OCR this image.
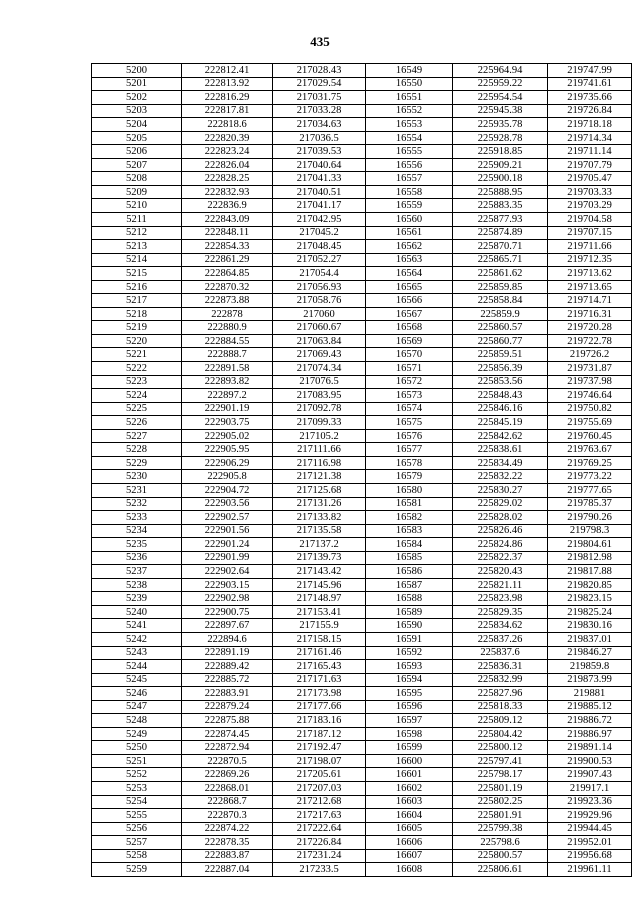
435
5200	222812.41	217028.43	16549	225964.94	219747.99
5201	222813.92	217029.54	16550	225959.22	219741.61
5202	222816.29	217031.75	16551	225954.54	219735.66
5203	222817.81	217033.28	16552	225945.38	219726.84
5204	222818.6	217034.63	16553	225935.78	219718.18
5205	222820.39	217036.5	16554	225928.78	219714.34
5206	222823.24	217039.53	16555	225918.85	219711.14
5207	222826.04	217040.64	16556	225909.21	219707.79
5208	222828.25	217041.33	16557	225900.18	219705.47
5209	222832.93	217040.51	16558	225888.95	219703.33
5210	222836.9	217041.17	16559	225883.35	219703.29
5211	222843.09	217042.95	16560	225877.93	219704.58
5212	222848.11	217045.2	16561	225874.89	219707.15
5213	222854.33	217048.45	16562	225870.71	219711.66
5214	222861.29	217052.27	16563	225865.71	219712.35
5215	222864.85	217054.4	16564	225861.62	219713.62
5216	222870.32	217056.93	16565	225859.85	219713.65
5217	222873.88	217058.76	16566	225858.84	219714.71
5218	222878	217060	16567	225859.9	219716.31
5219	222880.9	217060.67	16568	225860.57	219720.28
5220	222884.55	217063.84	16569	225860.77	219722.78
5221	222888.7	217069.43	16570	225859.51	219726.2
5222	222891.58	217074.34	16571	225856.39	219731.87
5223	222893.82	217076.5	16572	225853.56	219737.98
5224	222897.2	217083.95	16573	225848.43	219746.64
5225	222901.19	217092.78	16574	225846.16	219750.82
5226	222903.75	217099.33	16575	225845.19	219755.69
5227	222905.02	217105.2	16576	225842.62	219760.45
5228	222905.95	217111.66	16577	225838.61	219763.67
5229	222906.29	217116.98	16578	225834.49	219769.25
5230	222905.8	217121.38	16579	225832.22	219773.22
5231	222904.72	217125.68	16580	225830.27	219777.65
5232	222903.56	217131.26	16581	225829.02	219785.37
5233	222902.57	217133.82	16582	225828.02	219790.26
5234	222901.56	217135.58	16583	225826.46	219798.3
5235	222901.24	217137.2	16584	225824.86	219804.61
5236	222901.99	217139.73	16585	225822.37	219812.98
5237	222902.64	217143.42	16586	225820.43	219817.88
5238	222903.15	217145.96	16587	225821.11	219820.85
5239	222902.98	217148.97	16588	225823.98	219823.15
5240	222900.75	217153.41	16589	225829.35	219825.24
5241	222897.67	217155.9	16590	225834.62	219830.16
5242	222894.6	217158.15	16591	225837.26	219837.01
5243	222891.19	217161.46	16592	225837.6	219846.27
5244	222889.42	217165.43	16593	225836.31	219859.8
5245	222885.72	217171.63	16594	225832.99	219873.99
5246	222883.91	217173.98	16595	225827.96	219881
5247	222879.24	217177.66	16596	225818.33	219885.12
5248	222875.88	217183.16	16597	225809.12	219886.72
5249	222874.45	217187.12	16598	225804.42	219886.97
5250	222872.94	217192.47	16599	225800.12	219891.14
5251	222870.5	217198.07	16600	225797.41	219900.53
5252	222869.26	217205.61	16601	225798.17	219907.43
5253	222868.01	217207.03	16602	225801.19	219917.1
5254	222868.7	217212.68	16603	225802.25	219923.36
5255	222870.3	217217.63	16604	225801.91	219929.96
5256	222874.22	217222.64	16605	225799.38	219944.45
5257	222878.35	217226.84	16606	225798.6	219952.01
5258	222883.87	217231.24	16607	225800.57	219956.68
5259	222887.04	217233.5	16608	225806.61	219961.11
